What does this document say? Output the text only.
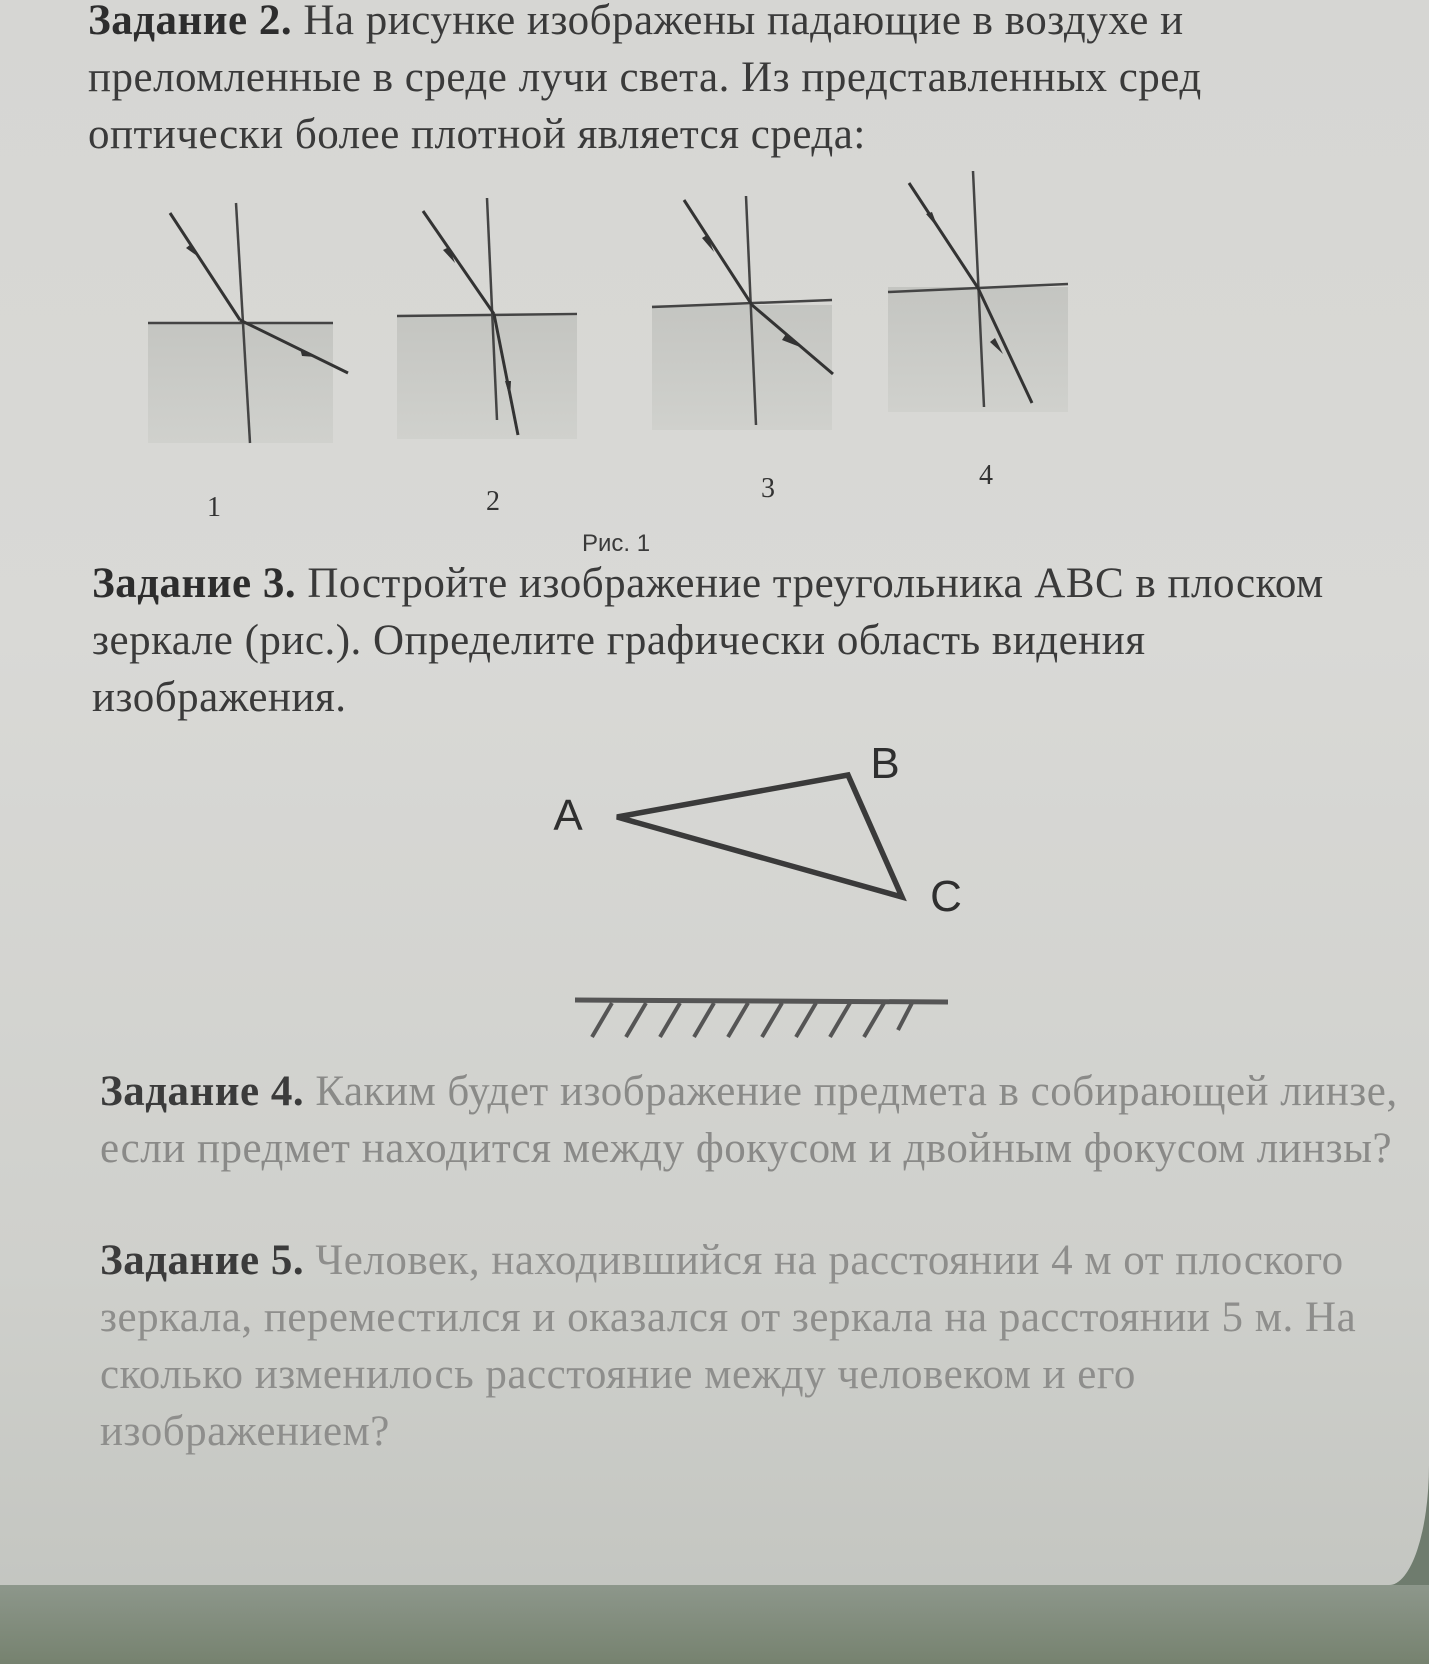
Задание 2. На рисунке изображены падающие в воздухе и преломленные в среде лучи света. Из представленных сред оптически более плотной является среда:

1	2	3	4
Рис. 1
A
B
C

Задание 3. Постройте изображение треугольника ABC в плоском зеркале (рис.). Определите графически область видения изображения.

Задание 4. Каким будет изображение предмета в собирающей линзе, если предмет находится между фокусом и двойным фокусом линзы?

Задание 5. Человек, находившийся на расстоянии 4 м от плоского зеркала, переместился и оказался от зеркала на расстоянии 5 м. На сколько изменилось расстояние между человеком и его изображением?
